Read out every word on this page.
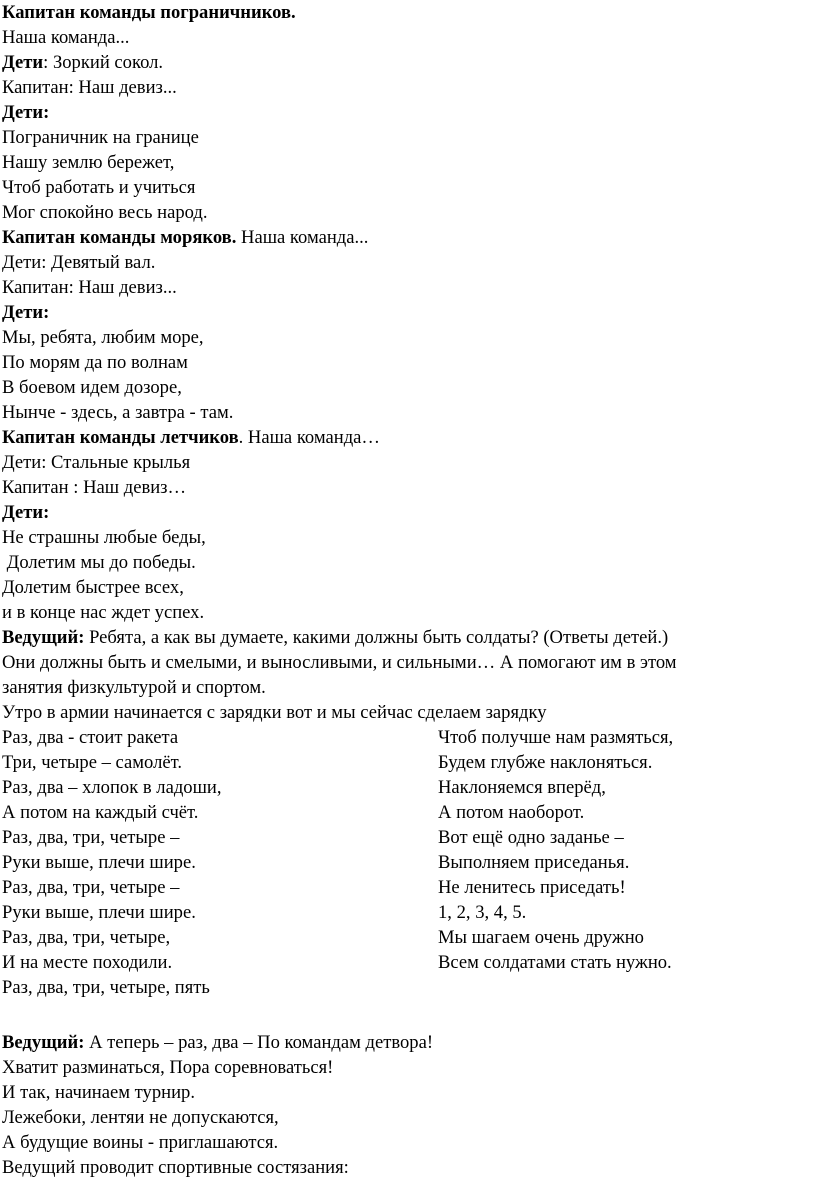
Капитан команды пограничников.
Наша команда...
Дети: Зоркий сокол.
Капитан: Наш девиз...
Дети:
Пограничник на границе
Нашу землю бережет,
Чтоб работать и учиться
Мог спокойно весь народ.
Капитан команды моряков. Наша команда...
Дети: Девятый вал.
Капитан: Наш девиз...
Дети:
Мы, ребята, любим море,
По морям да по волнам
В боевом идем дозоре,
Нынче - здесь, а завтра - там.
Капитан команды летчиков. Наша команда…
Дети: Стальные крылья
Капитан : Наш девиз…
Дети:
Не страшны любые беды,
Долетим мы до победы.
Долетим быстрее всех,
и в конце нас ждет успех.
Ведущий: Ребята, а как вы думаете, какими должны быть солдаты? (Ответы детей.)
Они должны быть и смелыми, и выносливыми, и сильными… А помогают им в этом
занятия физкультурой и спортом.
Утро в армии начинается с зарядки вот и мы сейчас сделаем зарядку
Раз, два - стоит ракета	Чтоб получше нам размяться,
Три, четыре – самолёт.	Будем глубже наклоняться.
Раз, два – хлопок в ладоши,	Наклоняемся вперёд,
А потом на каждый счёт.	А потом наоборот.
Раз, два, три, четыре –	Вот ещё одно заданье –
Руки выше, плечи шире.	Выполняем приседанья.
Раз, два, три, четыре –	Не ленитесь приседать!
Руки выше, плечи шире.	1, 2, 3, 4, 5.
Раз, два, три, четыре,	Мы шагаем очень дружно
И на месте походили.	Всем солдатами стать нужно.
Раз, два, три, четыре, пять
Ведущий: А теперь – раз, два – По командам детвора!
Хватит разминаться, Пора соревноваться!
И так, начинаем турнир.
Лежебоки, лентяи не допускаются,
А будущие воины - приглашаются.
Ведущий проводит спортивные состязания:
